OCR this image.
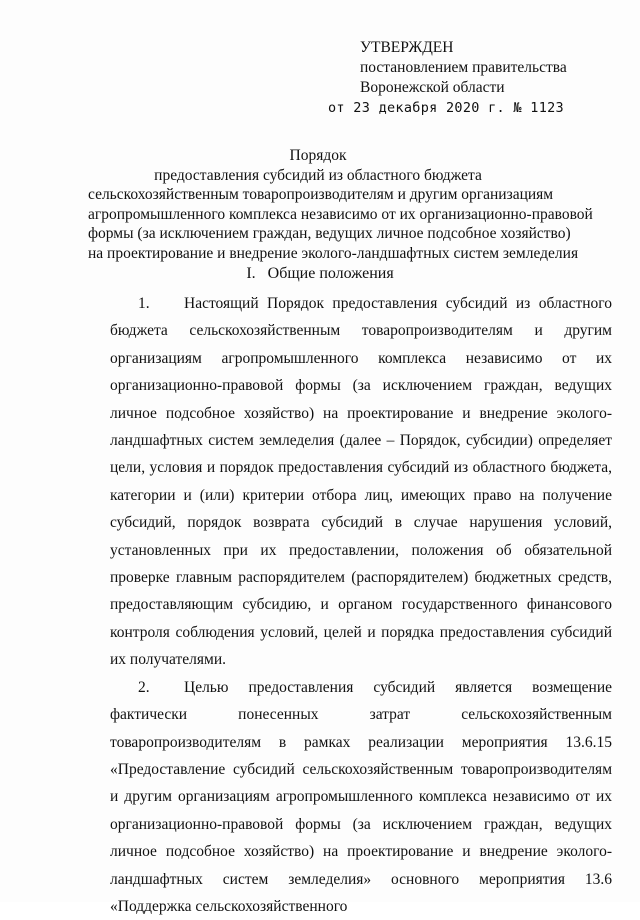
УТВЕРЖДЕН
постановлением правительства
Воронежской области
от 23 декабря 2020 г. № 1123
Порядок
предоставления субсидий из областного бюджета
сельскохозяйственным товаропроизводителям и другим организациям
агропромышленного комплекса независимо от их организационно-правовой
формы (за исключением граждан, ведущих личное подсобное хозяйство)
на проектирование и внедрение эколого-ландшафтных систем земледелия
I.   Общие положения
1. Настоящий Порядок предоставления субсидий из областного бюджета сельскохозяйственным товаропроизводителям и другим организациям агропромышленного комплекса независимо от их организационно-правовой формы (за исключением граждан, ведущих личное подсобное хозяйство) на проектирование и внедрение эколого-ландшафтных систем земледелия (далее – Порядок, субсидии) определяет цели, условия и порядок предоставления субсидий из областного бюджета, категории и (или) критерии отбора лиц, имеющих право на получение субсидий, порядок возврата субсидий в случае нарушения условий, установленных при их предоставлении, положения об обязательной проверке главным распорядителем (распорядителем) бюджетных средств, предоставляющим субсидию, и органом государственного финансового контроля соблюдения условий, целей и порядка предоставления субсидий их получателями.
2. Целью предоставления субсидий является возмещение фактически понесенных затрат сельскохозяйственным товаропроизводителям в рамках реализации мероприятия 13.6.15 «Предоставление субсидий сельскохозяйственным товаропроизводителям и другим организациям агропромышленного комплекса независимо от их организационно-правовой формы (за исключением граждан, ведущих личное подсобное хозяйство) на проектирование и внедрение эколого-ландшафтных систем земледелия» основного мероприятия 13.6 «Поддержка сельскохозяйственного
